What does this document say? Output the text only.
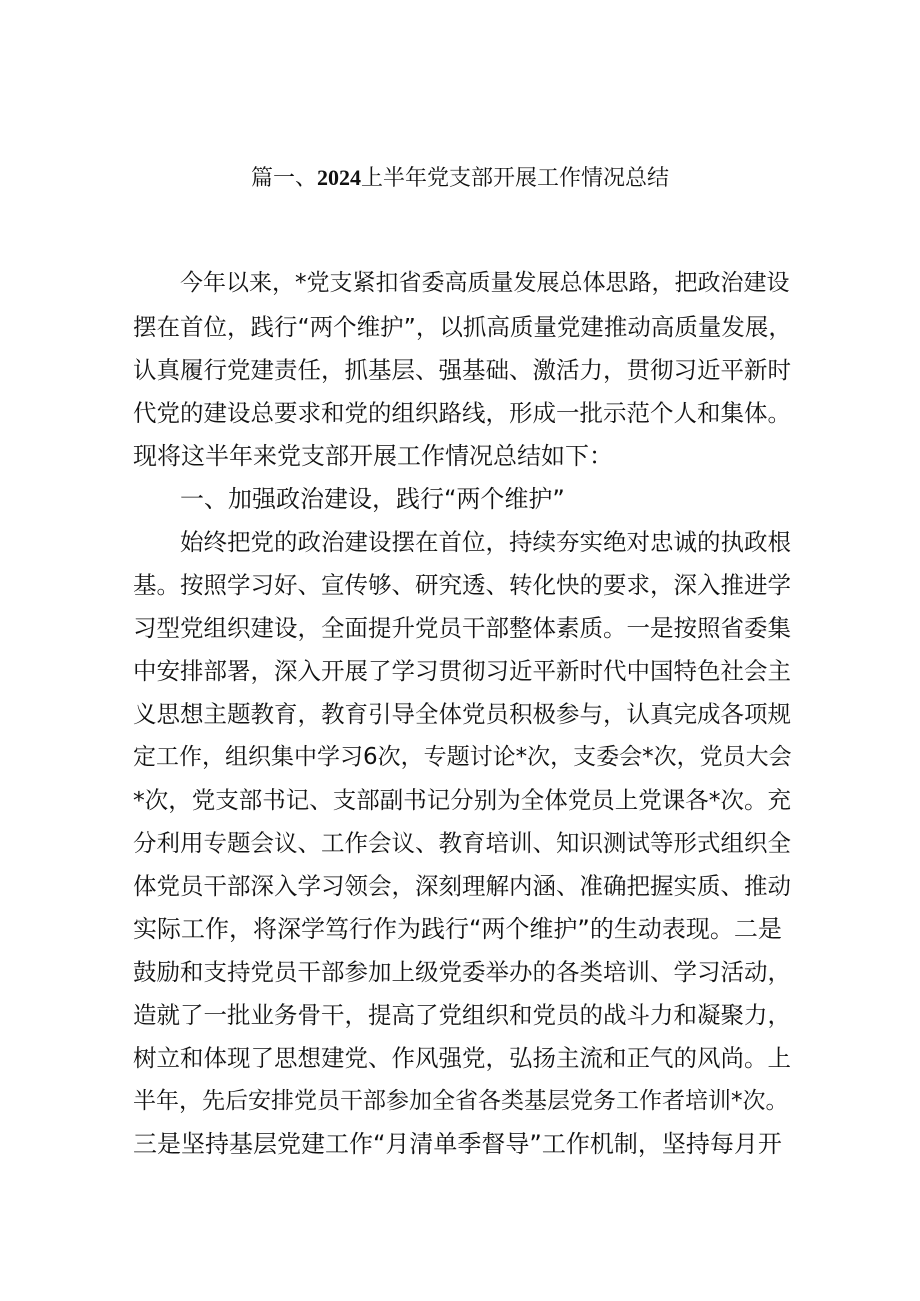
篇一、2024上半年党支部开展工作情况总结
今年以来，*党支紧扣省委高质量发展总体思路，把政治建设
摆在首位，践行“两个维护”，以抓高质量党建推动高质量发展，
认真履行党建责任，抓基层、强基础、激活力，贯彻习近平新时
代党的建设总要求和党的组织路线，形成一批示范个人和集体。
现将这半年来党支部开展工作情况总结如下：
一、加强政治建设，践行“两个维护”
始终把党的政治建设摆在首位，持续夯实绝对忠诚的执政根
基。按照学习好、宣传够、研究透、转化快的要求，深入推进学
习型党组织建设，全面提升党员干部整体素质。一是按照省委集
中安排部署，深入开展了学习贯彻习近平新时代中国特色社会主
义思想主题教育，教育引导全体党员积极参与，认真完成各项规
定工作，组织集中学习6次，专题讨论*次，支委会*次，党员大会
*次，党支部书记、支部副书记分别为全体党员上党课各*次。充
分利用专题会议、工作会议、教育培训、知识测试等形式组织全
体党员干部深入学习领会，深刻理解内涵、准确把握实质、推动
实际工作，将深学笃行作为践行“两个维护”的生动表现。二是
鼓励和支持党员干部参加上级党委举办的各类培训、学习活动，
造就了一批业务骨干，提高了党组织和党员的战斗力和凝聚力，
树立和体现了思想建党、作风强党，弘扬主流和正气的风尚。上
半年，先后安排党员干部参加全省各类基层党务工作者培训*次。
三是坚持基层党建工作“月清单季督导”工作机制，坚持每月开
